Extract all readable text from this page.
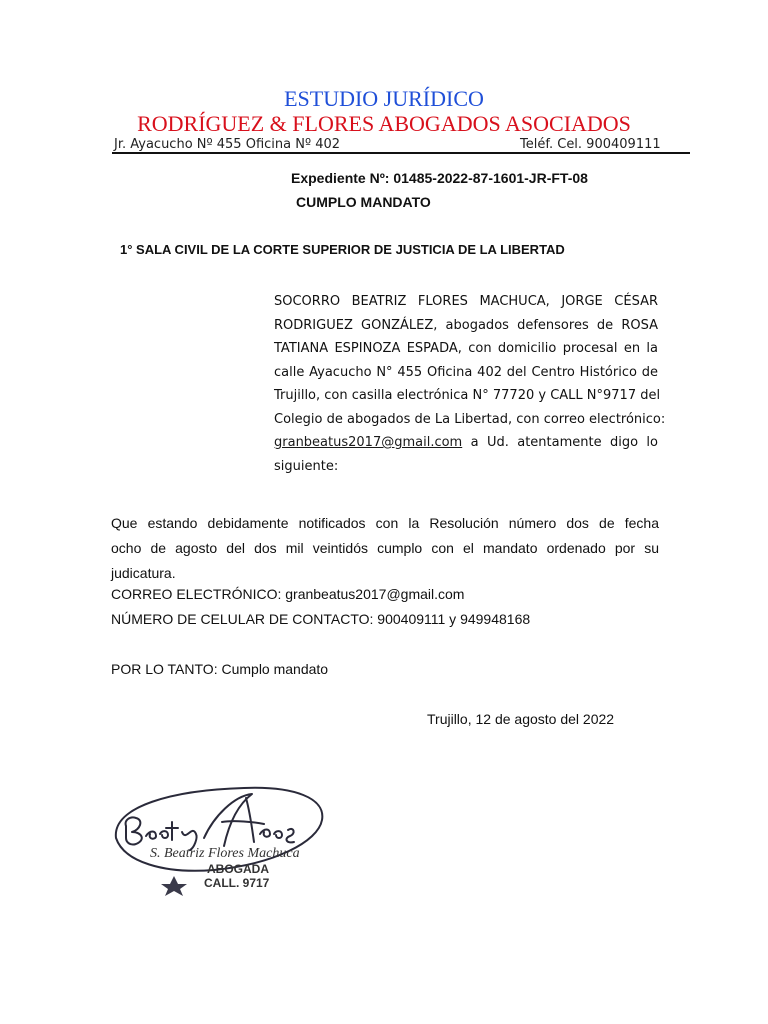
ESTUDIO JURÍDICO
RODRÍGUEZ & FLORES ABOGADOS ASOCIADOS
Jr. Ayacucho Nº 455 Oficina Nº 402	Teléf. Cel. 900409111
Expediente Nº: 01485-2022-87-1601-JR-FT-08
CUMPLO MANDATO
1° SALA CIVIL DE LA CORTE SUPERIOR DE JUSTICIA DE LA LIBERTAD
SOCORRO BEATRIZ FLORES MACHUCA, JORGE CÉSAR
RODRIGUEZ GONZÁLEZ, abogados defensores de ROSA
TATIANA ESPINOZA ESPADA, con domicilio procesal en la
calle Ayacucho N° 455 Oficina 402 del Centro Histórico de
Trujillo, con casilla electrónica N° 77720 y CALL N°9717 del
Colegio de abogados de La Libertad, con correo electrónico:
granbeatus2017@gmail.com a Ud. atentamente digo lo
siguiente:
Que estando debidamente notificados con la Resolución número dos de fecha
ocho de agosto del dos mil veintidós cumplo con el mandato ordenado por su
judicatura.
CORREO ELECTRÓNICO: granbeatus2017@gmail.com
NÚMERO DE CELULAR DE CONTACTO: 900409111 y 949948168
POR LO TANTO: Cumplo mandato
Trujillo, 12 de agosto del 2022
S. Beatriz Flores Machuca
ABOGADA
CALL. 9717
